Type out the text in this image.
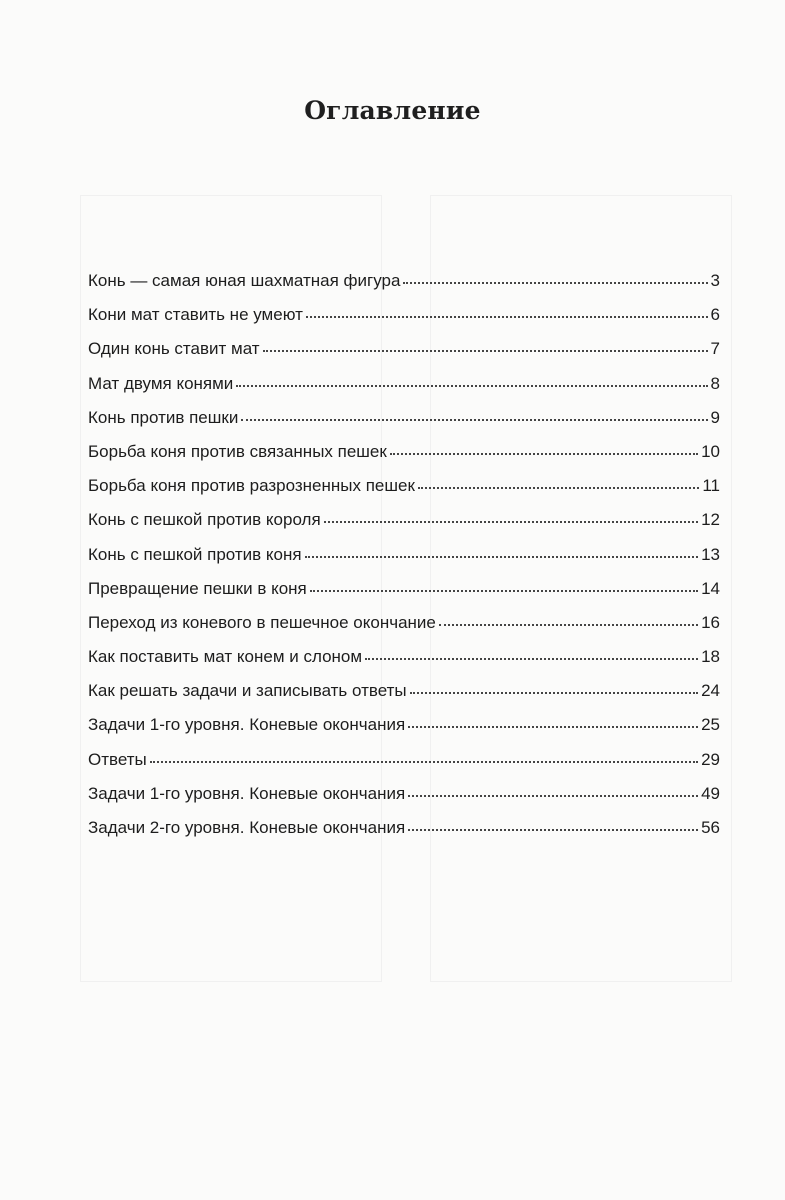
Оглавление
Конь — самая юная шахматная фигура	3
Кони мат ставить не умеют	6
Один конь ставит мат	7
Мат двумя конями	8
Конь против пешки	9
Борьба коня против связанных пешек	10
Борьба коня против разрозненных пешек	11
Конь с пешкой против короля	12
Конь с пешкой против коня	13
Превращение пешки в коня	14
Переход из коневого в пешечное окончание	16
Как поставить мат конем и слоном	18
Как решать задачи и записывать ответы	24
Задачи 1-го уровня. Коневые окончания	25
Ответы	29
Задачи 1-го уровня. Коневые окончания	49
Задачи 2-го уровня. Коневые окончания	56
